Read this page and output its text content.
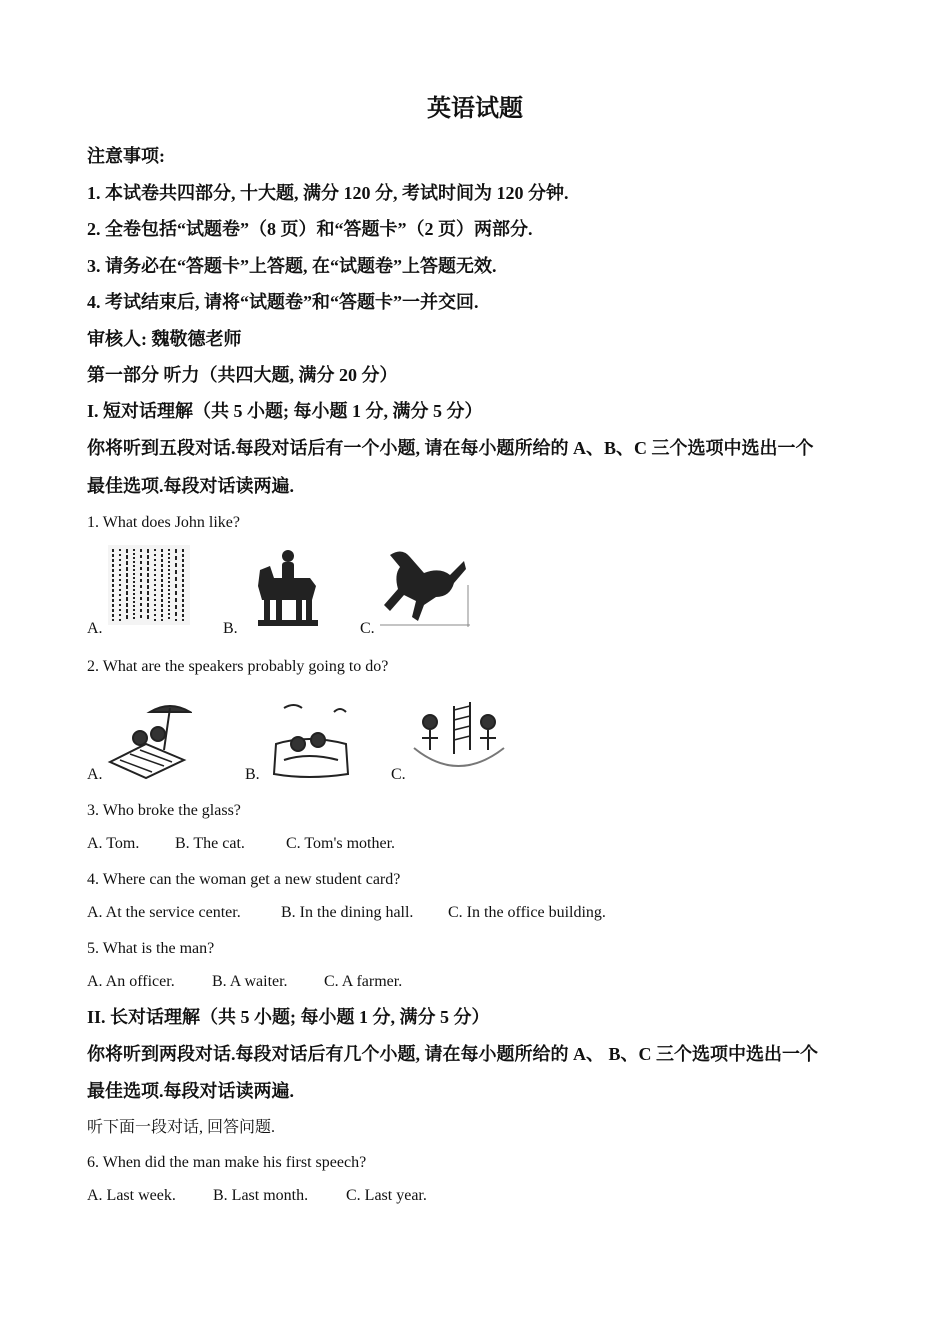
英语试题
注意事项:
1. 本试卷共四部分, 十大题, 满分 120 分, 考试时间为 120 分钟.
2. 全卷包括“试题卷”（8 页）和“答题卡”（2 页）两部分.
3. 请务必在“答题卡”上答题, 在“试题卷”上答题无效.
4. 考试结束后, 请将“试题卷”和“答题卡”一并交回.
审核人: 魏敬德老师
第一部分 听力（共四大题, 满分 20 分）
I. 短对话理解（共 5 小题; 每小题 1 分, 满分 5 分）
你将听到五段对话.每段对话后有一个小题, 请在每小题所给的 A、B、C 三个选项中选出一个
最佳选项.每段对话读两遍.
1. What does John like?
A.	B.	C.
2. What are the speakers probably going to do?
A.	B.	C.
3. Who broke the glass?
A. Tom. B. The cat.	C. Tom's mother.
4. Where can the woman get a new student card?
A. At the service center.	B. In the dining hall. C. In the office building.
5. What is the man?
A. An officer. B. A waiter. C. A farmer.
II. 长对话理解（共 5 小题; 每小题 1 分, 满分 5 分）
你将听到两段对话.每段对话后有几个小题, 请在每小题所给的 A、 B、C 三个选项中选出一个
最佳选项.每段对话读两遍.
听下面一段对话, 回答问题.
6. When did the man make his first speech?
A. Last week. B. Last month. C. Last year.
